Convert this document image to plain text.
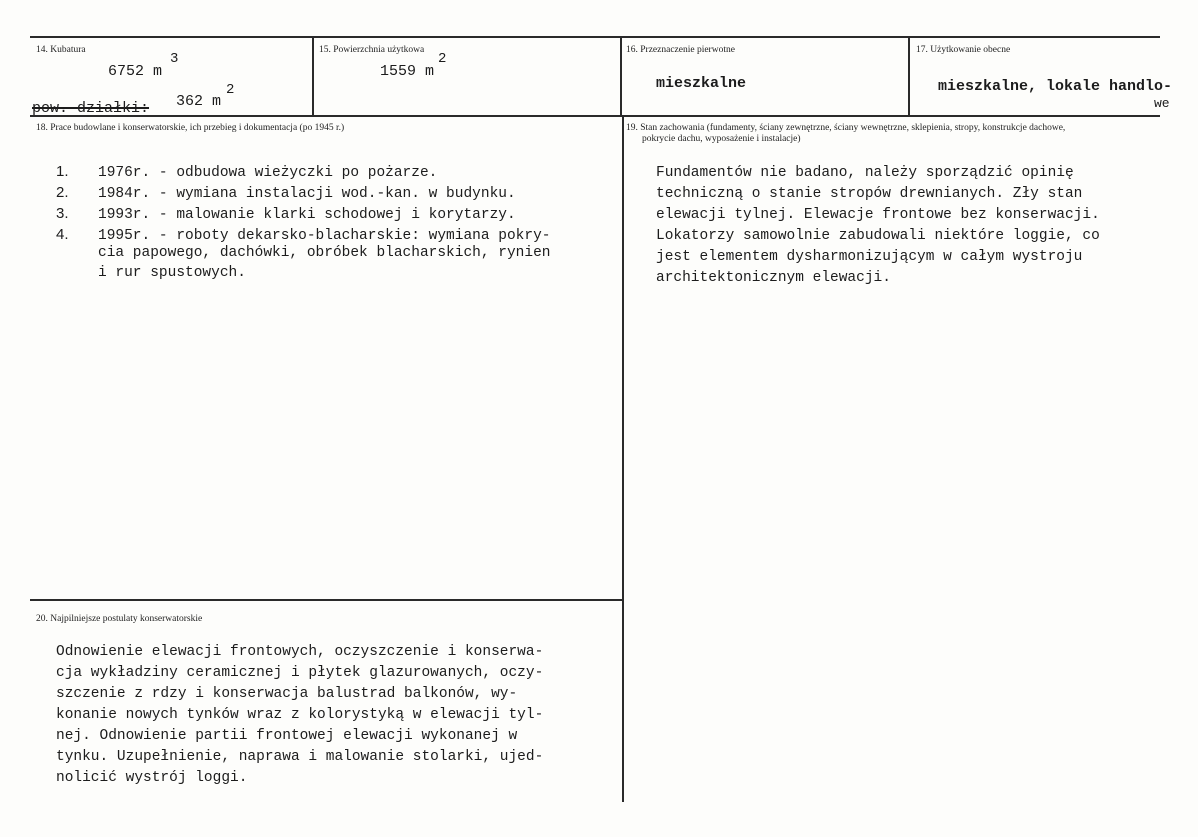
14. Kubatura
6752 m
3
pow. działki: 362 m
2
15. Powierzchnia użytkowa
1559 m
2
16. Przeznaczenie pierwotne
mieszkalne
17. Użytkowanie obecne
mieszkalne, lokale handlo-
we
18. Prace budowlane i konserwatorskie, ich przebieg i dokumentacja (po 1945 r.)
1. 1976r. - odbudowa wieżyczki po pożarze.
2. 1984r. - wymiana instalacji wod.-kan. w budynku.
3. 1993r. - malowanie klarki schodowej i korytarzy.
4. 1995r. - roboty dekarsko-blacharskie: wymiana pokry-
cia papowego, dachówki, obróbek blacharskich, rynien
i rur spustowych.
19. Stan zachowania (fundamenty, ściany zewnętrzne, ściany wewnętrzne, sklepienia, stropy, konstrukcje dachowe,
pokrycie dachu, wyposażenie i instalacje)
Fundamentów nie badano, należy sporządzić opinię
techniczną o stanie stropów drewnianych. Zły stan
elewacji tylnej. Elewacje frontowe bez konserwacji.
Lokatorzy samowolnie zabudowali niektóre loggie, co
jest elementem dysharmonizującym w całym wystroju
architektonicznym elewacji.
20. Najpilniejsze postulaty konserwatorskie
Odnowienie elewacji frontowych, oczyszczenie i konserwa-
cja wykładziny ceramicznej i płytek glazurowanych, oczy-
szczenie z rdzy i konserwacja balustrad balkonów, wy-
konanie nowych tynków wraz z kolorystyką w elewacji tyl-
nej. Odnowienie partii frontowej elewacji wykonanej w
tynku. Uzupełnienie, naprawa i malowanie stolarki, ujed-
nolicić wystrój loggi.
